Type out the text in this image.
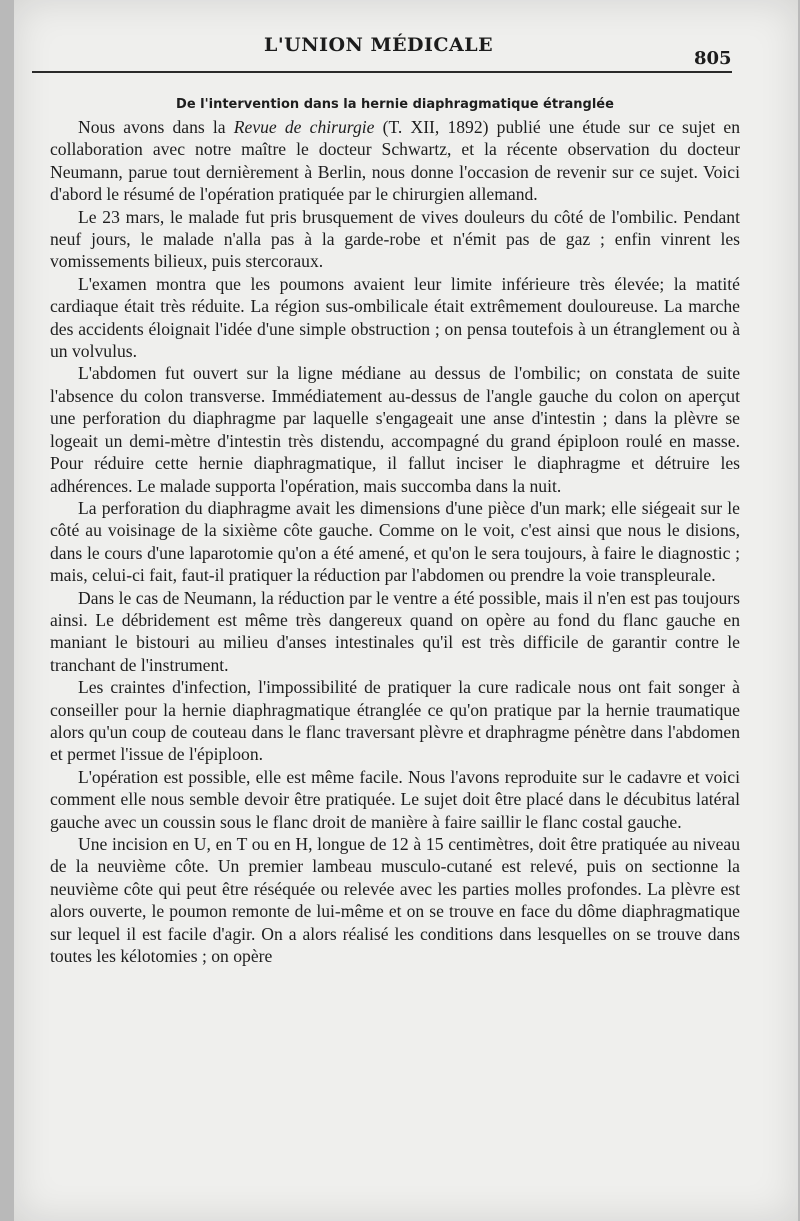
L'UNION MÉDICALE
805
De l'intervention dans la hernie diaphragmatique étranglée

Nous avons dans la Revue de chirurgie (T. XII, 1892) publié une étude sur ce sujet en collaboration avec notre maître le docteur Schwartz, et la récente observation du docteur Neumann, parue tout dernièrement à Berlin, nous donne l'occasion de revenir sur ce sujet. Voici d'abord le résumé de l'opération pratiquée par le chirurgien allemand.

Le 23 mars, le malade fut pris brusquement de vives douleurs du côté de l'ombilic. Pendant neuf jours, le malade n'alla pas à la garde-robe et n'émit pas de gaz ; enfin vinrent les vomissements bilieux, puis stercoraux.

L'examen montra que les poumons avaient leur limite inférieure très élevée; la matité cardiaque était très réduite. La région sus-ombilicale était extrêmement douloureuse. La marche des accidents éloignait l'idée d'une simple obstruction ; on pensa toutefois à un étranglement ou à un volvulus.

L'abdomen fut ouvert sur la ligne médiane au dessus de l'ombilic; on constata de suite l'absence du colon transverse. Immédiatement au-dessus de l'angle gauche du colon on aperçut une perforation du diaphragme par laquelle s'engageait une anse d'intestin ; dans la plèvre se logeait un demi-mètre d'intestin très distendu, accompagné du grand épiploon roulé en masse. Pour réduire cette hernie diaphragmatique, il fallut inciser le diaphragme et détruire les adhérences. Le malade supporta l'opération, mais succomba dans la nuit.

La perforation du diaphragme avait les dimensions d'une pièce d'un mark; elle siégeait sur le côté au voisinage de la sixième côte gauche. Comme on le voit, c'est ainsi que nous le disions, dans le cours d'une laparotomie qu'on a été amené, et qu'on le sera toujours, à faire le diagnostic ; mais, celui-ci fait, faut-il pratiquer la réduction par l'abdomen ou prendre la voie transpleurale.

Dans le cas de Neumann, la réduction par le ventre a été possible, mais il n'en est pas toujours ainsi. Le débridement est même très dangereux quand on opère au fond du flanc gauche en maniant le bistouri au milieu d'anses intestinales qu'il est très difficile de garantir contre le tranchant de l'instrument.

Les craintes d'infection, l'impossibilité de pratiquer la cure radicale nous ont fait songer à conseiller pour la hernie diaphragmatique étranglée ce qu'on pratique par la hernie traumatique alors qu'un coup de couteau dans le flanc traversant plèvre et draphragme pénètre dans l'abdomen et permet l'issue de l'épiploon.

L'opération est possible, elle est même facile. Nous l'avons reproduite sur le cadavre et voici comment elle nous semble devoir être pratiquée. Le sujet doit être placé dans le décubitus latéral gauche avec un coussin sous le flanc droit de manière à faire saillir le flanc costal gauche.

Une incision en U, en T ou en H, longue de 12 à 15 centimètres, doit être pratiquée au niveau de la neuvième côte. Un premier lambeau musculo-cutané est relevé, puis on sectionne la neuvième côte qui peut être réséquée ou relevée avec les parties molles profondes. La plèvre est alors ouverte, le poumon remonte de lui-même et on se trouve en face du dôme diaphragmatique sur lequel il est facile d'agir. On a alors réalisé les conditions dans lesquelles on se trouve dans toutes les kélotomies ; on opère
